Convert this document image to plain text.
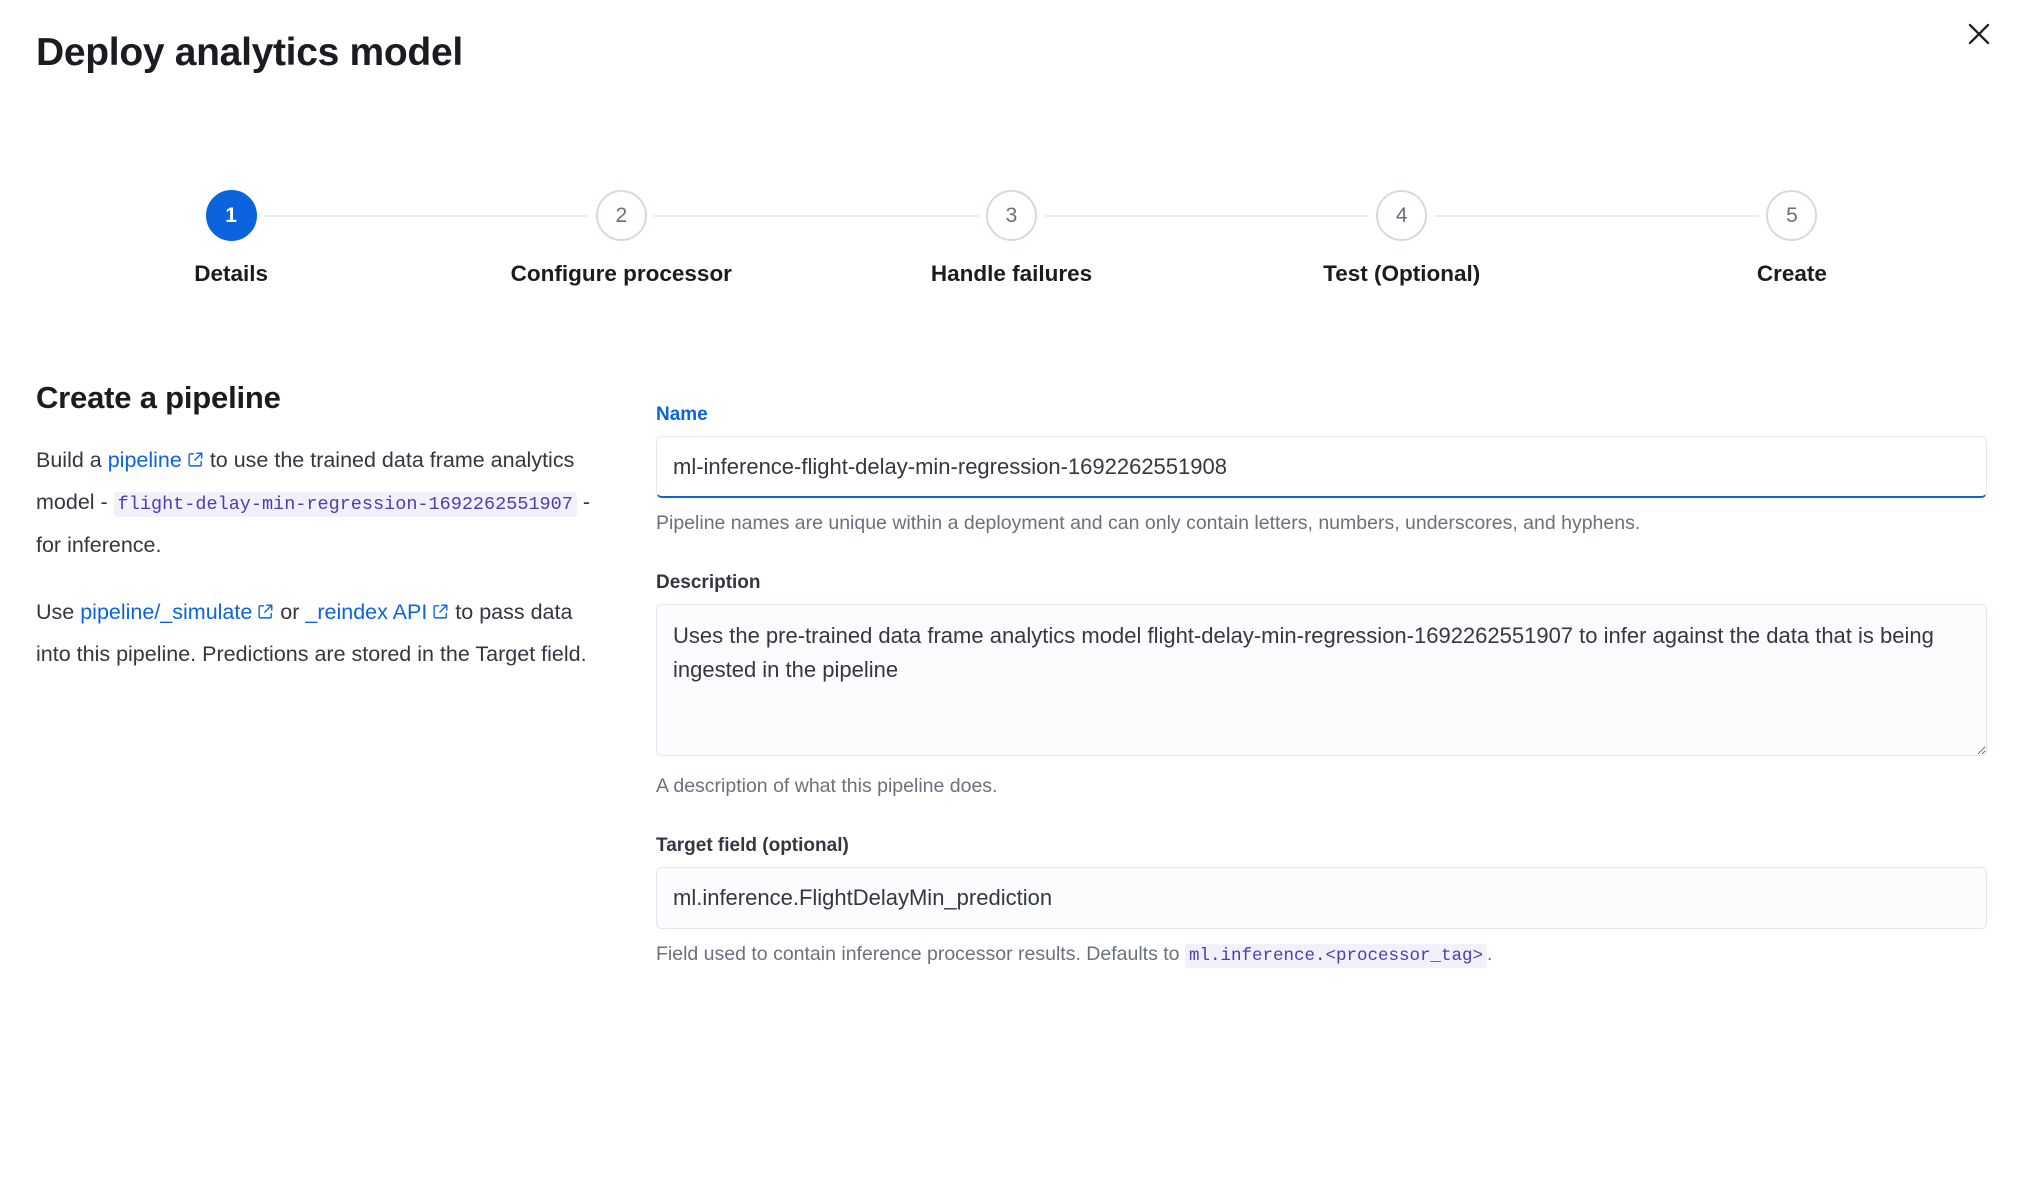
Deploy analytics model
1
Details
2
Configure processor
3
Handle failures
4
Test (Optional)
5
Create
Create a pipeline

Build a pipeline to use the trained data frame analytics model - flight-delay-min-regression-1692262551907 - for inference.

Use pipeline/_simulate or _reindex API to pass data into this pipeline. Predictions are stored in the Target field.

Name
ml-inference-flight-delay-min-regression-1692262551908
Pipeline names are unique within a deployment and can only contain letters, numbers, underscores, and hyphens.
Description
Uses the pre-trained data frame analytics model flight-delay-min-regression-1692262551907 to infer against the data that is being ingested in the pipeline
A description of what this pipeline does.
Target field (optional)
ml.inference.FlightDelayMin_prediction
Field used to contain inference processor results. Defaults to ml.inference.<processor_tag> .
